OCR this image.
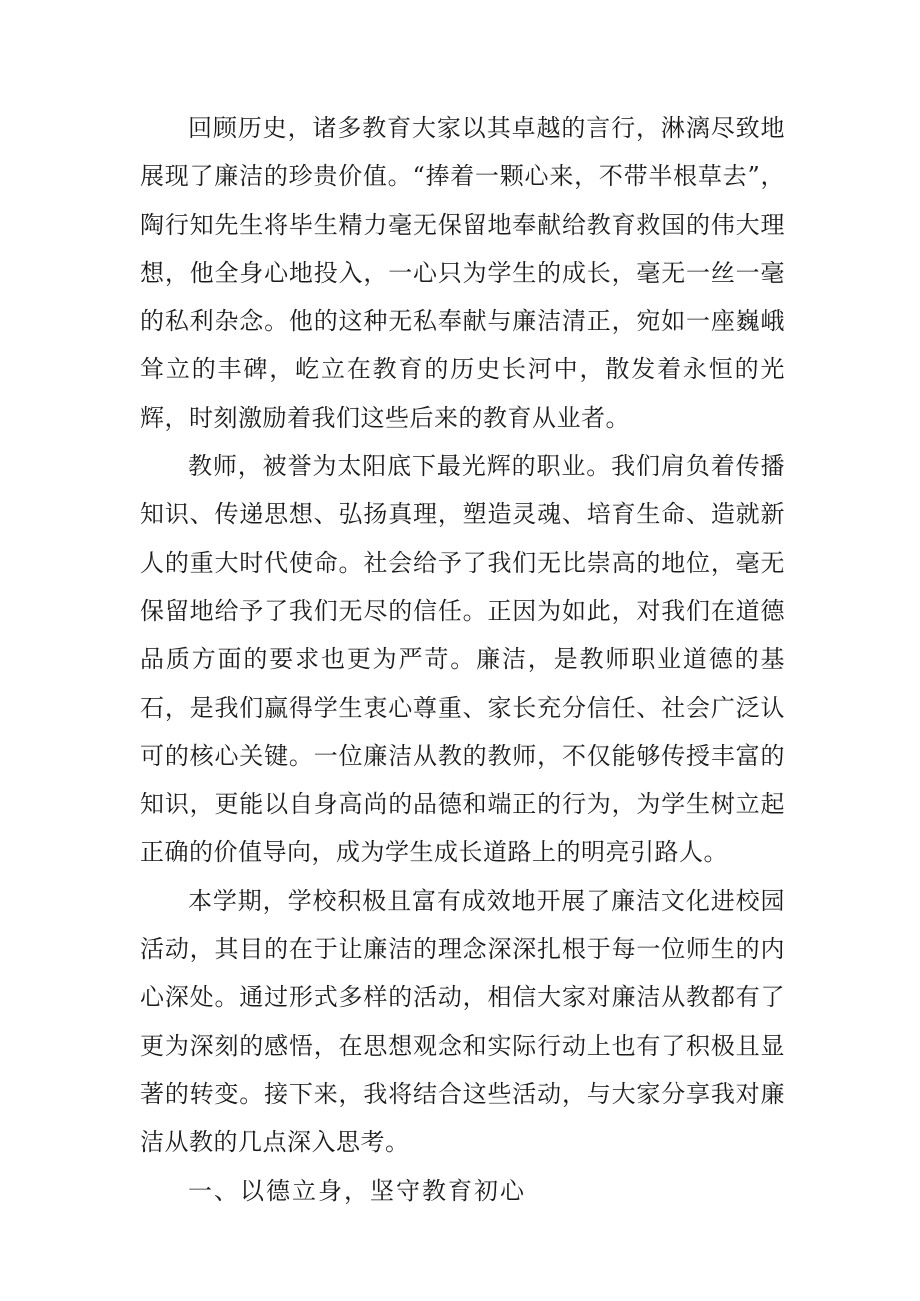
回顾历史，诸多教育大家以其卓越的言行，淋漓尽致地展现了廉洁的珍贵价值。“捧着一颗心来，不带半根草去”，陶行知先生将毕生精力毫无保留地奉献给教育救国的伟大理想，他全身心地投入，一心只为学生的成长，毫无一丝一毫的私利杂念。他的这种无私奉献与廉洁清正，宛如一座巍峨耸立的丰碑，屹立在教育的历史长河中，散发着永恒的光辉，时刻激励着我们这些后来的教育从业者。

教师，被誉为太阳底下最光辉的职业。我们肩负着传播知识、传递思想、弘扬真理，塑造灵魂、培育生命、造就新人的重大时代使命。社会给予了我们无比崇高的地位，毫无保留地给予了我们无尽的信任。正因为如此，对我们在道德品质方面的要求也更为严苛。廉洁，是教师职业道德的基石，是我们赢得学生衷心尊重、家长充分信任、社会广泛认可的核心关键。一位廉洁从教的教师，不仅能够传授丰富的知识，更能以自身高尚的品德和端正的行为，为学生树立起正确的价值导向，成为学生成长道路上的明亮引路人。

本学期，学校积极且富有成效地开展了廉洁文化进校园活动，其目的在于让廉洁的理念深深扎根于每一位师生的内心深处。通过形式多样的活动，相信大家对廉洁从教都有了更为深刻的感悟，在思想观念和实际行动上也有了积极且显著的转变。接下来，我将结合这些活动，与大家分享我对廉洁从教的几点深入思考。

一、以德立身，坚守教育初心
